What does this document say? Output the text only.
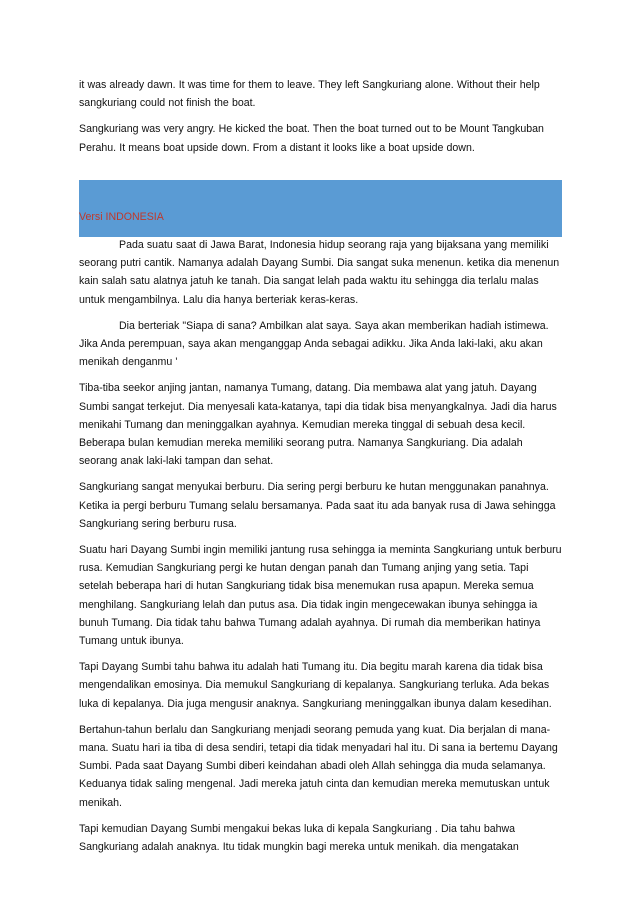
it was already dawn. It was time for them to leave. They left Sangkuriang alone. Without their help sangkuriang could not finish the boat.

Sangkuriang was very angry. He kicked the boat. Then the boat turned out to be Mount Tangkuban Perahu. It means boat upside down. From a distant it looks like a boat upside down.

Versi INDONESIA

Pada suatu saat di Jawa Barat, Indonesia hidup seorang raja yang bijaksana yang memiliki seorang putri cantik. Namanya adalah Dayang Sumbi. Dia sangat suka menenun. ketika dia menenun kain salah satu alatnya jatuh ke tanah. Dia sangat lelah pada waktu itu sehingga dia terlalu malas untuk mengambilnya. Lalu dia hanya berteriak keras-keras.

Dia berteriak "Siapa di sana? Ambilkan alat saya. Saya akan memberikan hadiah istimewa. Jika Anda perempuan, saya akan menganggap Anda sebagai adikku. Jika Anda laki-laki, aku akan menikah denganmu '

Tiba-tiba seekor anjing jantan, namanya Tumang, datang. Dia membawa alat yang jatuh. Dayang Sumbi sangat terkejut. Dia menyesali kata-katanya, tapi dia tidak bisa menyangkalnya. Jadi dia harus menikahi Tumang dan meninggalkan ayahnya. Kemudian mereka tinggal di sebuah desa kecil. Beberapa bulan kemudian mereka memiliki seorang putra. Namanya Sangkuriang. Dia adalah seorang anak laki-laki tampan dan sehat.

Sangkuriang sangat menyukai berburu. Dia sering pergi berburu ke hutan menggunakan panahnya. Ketika ia pergi berburu Tumang selalu bersamanya. Pada saat itu ada banyak rusa di Jawa sehingga Sangkuriang sering berburu rusa.

Suatu hari Dayang Sumbi ingin memiliki jantung rusa sehingga ia meminta Sangkuriang untuk berburu rusa. Kemudian Sangkuriang pergi ke hutan dengan panah dan Tumang anjing yang setia. Tapi setelah beberapa hari di hutan Sangkuriang tidak bisa menemukan rusa apapun. Mereka semua menghilang. Sangkuriang lelah dan putus asa. Dia tidak ingin mengecewakan ibunya sehingga ia bunuh Tumang. Dia tidak tahu bahwa Tumang adalah ayahnya. Di rumah dia memberikan hatinya Tumang untuk ibunya.

Tapi Dayang Sumbi tahu bahwa itu adalah hati Tumang itu. Dia begitu marah karena dia tidak bisa mengendalikan emosinya. Dia memukul Sangkuriang di kepalanya. Sangkuriang terluka. Ada bekas luka di kepalanya. Dia juga mengusir anaknya. Sangkuriang meninggalkan ibunya dalam kesedihan.

Bertahun-tahun berlalu dan Sangkuriang menjadi seorang pemuda yang kuat. Dia berjalan di mana-mana. Suatu hari ia tiba di desa sendiri, tetapi dia tidak menyadari hal itu. Di sana ia bertemu Dayang Sumbi. Pada saat Dayang Sumbi diberi keindahan abadi oleh Allah sehingga dia muda selamanya. Keduanya tidak saling mengenal. Jadi mereka jatuh cinta dan kemudian mereka memutuskan untuk menikah.

Tapi kemudian Dayang Sumbi mengakui bekas luka di kepala Sangkuriang . Dia tahu bahwa Sangkuriang adalah anaknya. Itu tidak mungkin bagi mereka untuk menikah. dia mengatakan
